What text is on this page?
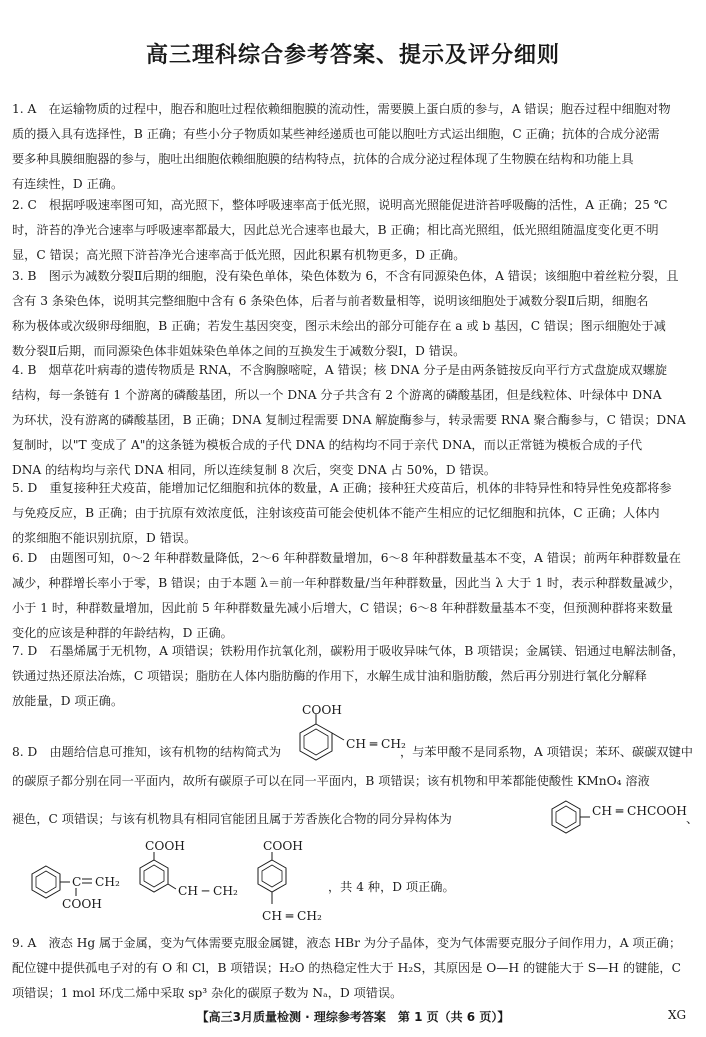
高三理科综合参考答案、提示及评分细则
1. A　在运输物质的过程中，胞吞和胞吐过程依赖细胞膜的流动性，需要膜上蛋白质的参与，A 错误；胞吞过程中细胞对物
质的摄入具有选择性，B 正确；有些小分子物质如某些神经递质也可能以胞吐方式运出细胞，C 正确；抗体的合成分泌需
要多种具膜细胞器的参与，胞吐出细胞依赖细胞膜的结构特点，抗体的合成分泌过程体现了生物膜在结构和功能上具
有连续性，D 正确。
2. C　根据呼吸速率图可知，高光照下，整体呼吸速率高于低光照，说明高光照能促进浒苔呼吸酶的活性，A 正确；25 ℃
时，浒苔的净光合速率与呼吸速率都最大，因此总光合速率也最大，B 正确；相比高光照组，低光照组随温度变化更不明
显，C 错误；高光照下浒苔净光合速率高于低光照，因此积累有机物更多，D 正确。
3. B　图示为减数分裂Ⅱ后期的细胞，没有染色单体，染色体数为 6，不含有同源染色体，A 错误；该细胞中着丝粒分裂，且
含有 3 条染色体，说明其完整细胞中含有 6 条染色体，后者与前者数量相等，说明该细胞处于减数分裂Ⅱ后期，细胞名
称为极体或次级卵母细胞，B 正确；若发生基因突变，图示未绘出的部分可能存在 a 或 b 基因，C 错误；图示细胞处于减
数分裂Ⅱ后期，而同源染色体非姐妹染色单体之间的互换发生于减数分裂Ⅰ，D 错误。
4. B　烟草花叶病毒的遗传物质是 RNA，不含胸腺嘧啶，A 错误；核 DNA 分子是由两条链按反向平行方式盘旋成双螺旋
结构，每一条链有 1 个游离的磷酸基团，所以一个 DNA 分子共含有 2 个游离的磷酸基团，但是线粒体、叶绿体中 DNA
为环状，没有游离的磷酸基团，B 正确；DNA 复制过程需要 DNA 解旋酶参与，转录需要 RNA 聚合酶参与，C 错误；DNA
复制时，以"T 变成了 A"的这条链为模板合成的子代 DNA 的结构均不同于亲代 DNA，而以正常链为模板合成的子代
DNA 的结构均与亲代 DNA 相同，所以连续复制 8 次后，突变 DNA 占 50%，D 错误。
5. D　重复接种狂犬疫苗，能增加记忆细胞和抗体的数量，A 正确；接种狂犬疫苗后，机体的非特异性和特异性免疫都将参
与免疫反应，B 正确；由于抗原有效浓度低，注射该疫苗可能会使机体不能产生相应的记忆细胞和抗体，C 正确；人体内
的浆细胞不能识别抗原，D 错误。
6. D　由题图可知，0～2 年种群数量降低，2～6 年种群数量增加，6～8 年种群数量基本不变，A 错误；前两年种群数量在
减少，种群增长率小于零，B 错误；由于本题 λ＝前一年种群数量/当年种群数量，因此当 λ 大于 1 时，表示种群数量减少，
小于 1 时，种群数量增加，因此前 5 年种群数量先减小后增大，C 错误；6～8 年种群数量基本不变，但预测种群将来数量
变化的应该是种群的年龄结构，D 正确。
7. D　石墨烯属于无机物，A 项错误；铁粉用作抗氧化剂，碳粉用于吸收异味气体，B 项错误；金属镁、铝通过电解法制备，
铁通过热还原法冶炼，C 项错误；脂肪在人体内脂肪酶的作用下，水解生成甘油和脂肪酸，然后再分别进行氧化分解释
放能量，D 项正确。
8. D　由题给信息可推知，该有机物的结构简式为
COOH
CH ═ CH₂
，与苯甲酸不是同系物，A 项错误；苯环、碳碳双键中
的碳原子都分别在同一平面内，故所有碳原子可以在同一平面内，B 项错误；该有机物和甲苯都能使酸性 KMnO₄ 溶液
褪色，C 项错误；与该有机物具有相同官能团且属于芳香族化合物的同分异构体为
CH ═ CHCOOH
、
C CH₂
COOH
COOH
CH ─ CH₂
COOH
CH ═ CH₂
，共 4 种，D 项正确。
9. A　液态 Hg 属于金属，变为气体需要克服金属键，液态 HBr 为分子晶体，变为气体需要克服分子间作用力，A 项正确；
配位键中提供孤电子对的有 O 和 Cl，B 项错误；H₂O 的热稳定性大于 H₂S，其原因是 O—H 的键能大于 S—H 的键能，C
项错误；1 mol 环戊二烯中采取 sp³ 杂化的碳原子数为 Nₐ，D 项错误。
【高三3月质量检测 · 理综参考答案　第 1 页（共 6 页）】	XG
